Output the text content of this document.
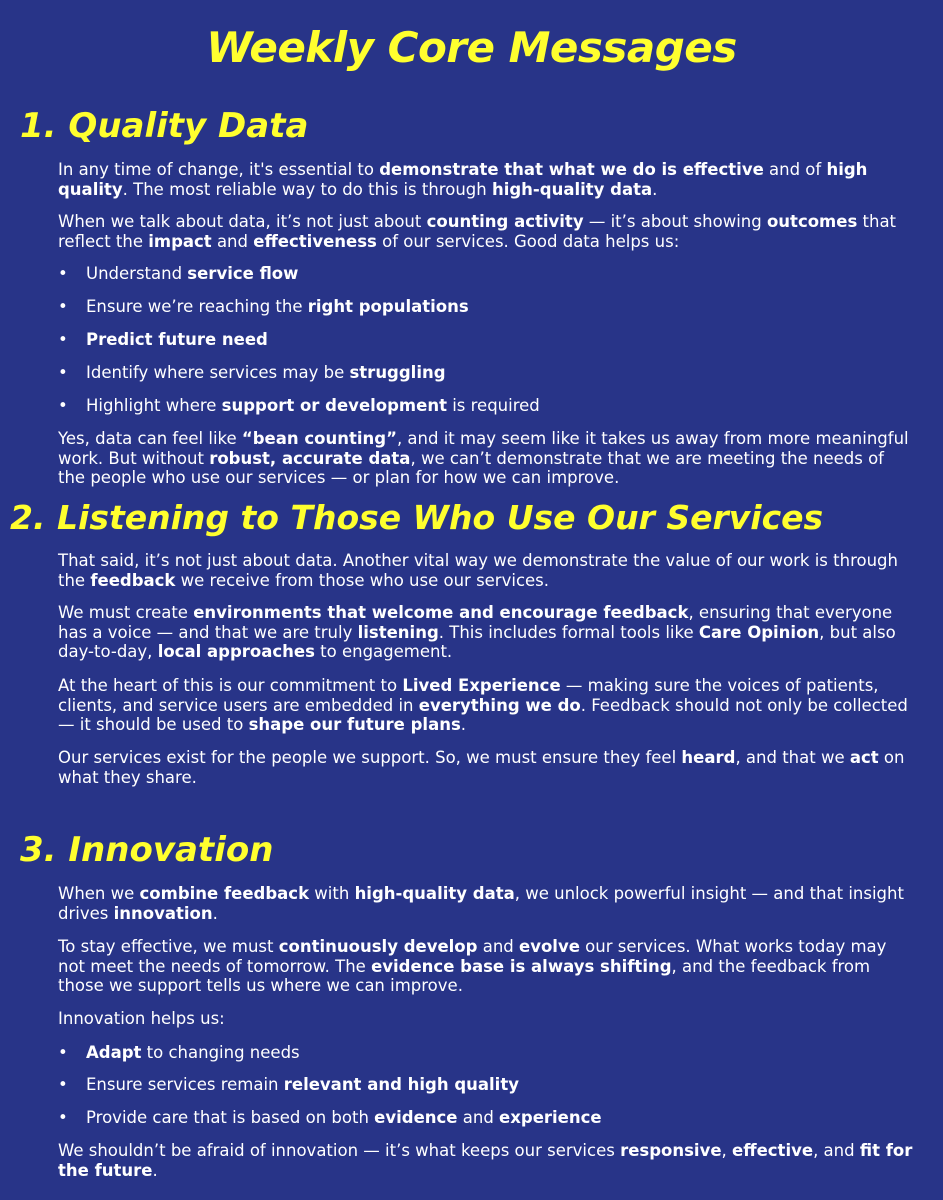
Weekly Core Messages
1. Quality Data

In any time of change, it's essential to demonstrate that what we do is effective and of high quality. The most reliable way to do this is through high-quality data.

When we talk about data, it’s not just about counting activity — it’s about showing outcomes that reflect the impact and effectiveness of our services. Good data helps us:

• Understand service flow
• Ensure we’re reaching the right populations
• Predict future need
• Identify where services may be struggling
• Highlight where support or development is required

Yes, data can feel like “bean counting”, and it may seem like it takes us away from more meaningful work. But without robust, accurate data, we can’t demonstrate that we are meeting the needs of the people who use our services — or plan for how we can improve.

2. Listening to Those Who Use Our Services

That said, it’s not just about data. Another vital way we demonstrate the value of our work is through the feedback we receive from those who use our services.

We must create environments that welcome and encourage feedback, ensuring that everyone has a voice — and that we are truly listening. This includes formal tools like Care Opinion, but also day-to-day, local approaches to engagement.

At the heart of this is our commitment to Lived Experience — making sure the voices of patients, clients, and service users are embedded in everything we do. Feedback should not only be collected — it should be used to shape our future plans.

Our services exist for the people we support. So, we must ensure they feel heard, and that we act on what they share.

3. Innovation

When we combine feedback with high-quality data, we unlock powerful insight — and that insight drives innovation.

To stay effective, we must continuously develop and evolve our services. What works today may not meet the needs of tomorrow. The evidence base is always shifting, and the feedback from those we support tells us where we can improve.

Innovation helps us:

• Adapt to changing needs
• Ensure services remain relevant and high quality
• Provide care that is based on both evidence and experience

We shouldn’t be afraid of innovation — it’s what keeps our services responsive, effective, and fit for the future.
